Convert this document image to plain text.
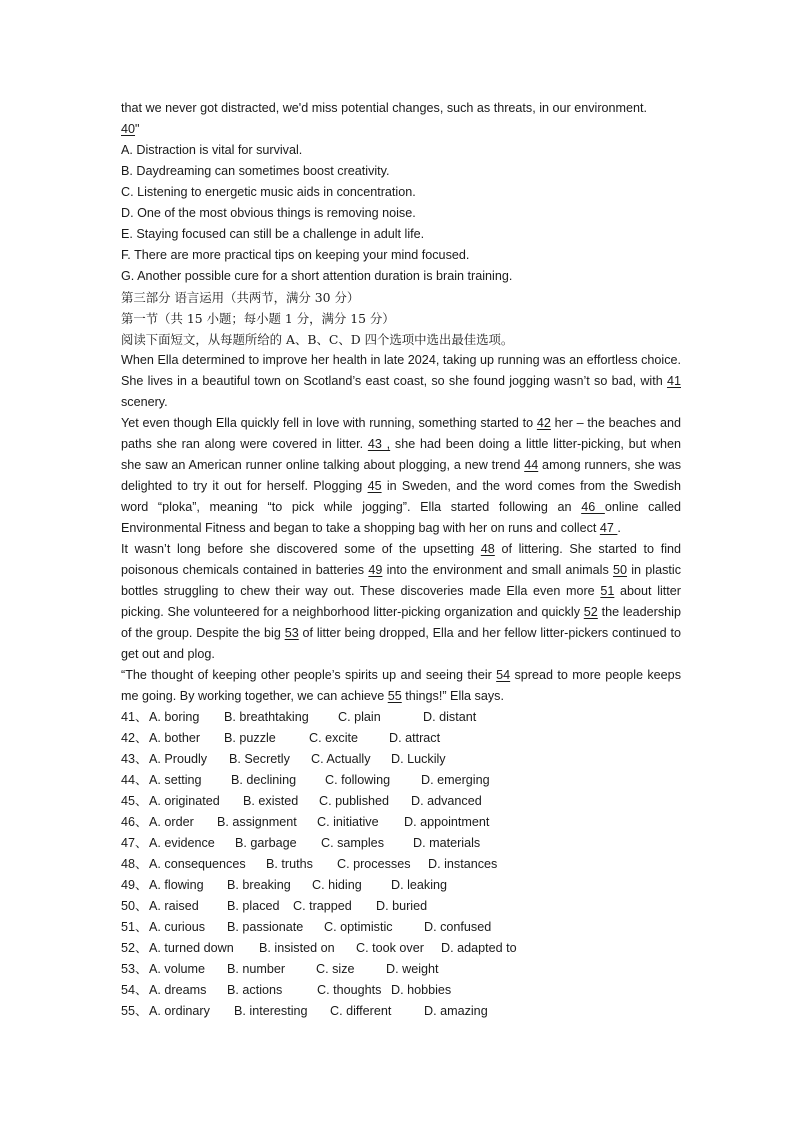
that we never got distracted, we'd miss potential changes, such as threats, in our environment.
40"
A. Distraction is vital for survival.
B. Daydreaming can sometimes boost creativity.
C. Listening to energetic music aids in concentration.
D. One of the most obvious things is removing noise.
E. Staying focused can still be a challenge in adult life.
F. There are more practical tips on keeping your mind focused.
G. Another possible cure for a short attention duration is brain training.
第三部分 语言运用（共两节，满分 30 分）
第一节（共 15 小题；每小题 1 分，满分 15 分）
阅读下面短文，从每题所给的 A、B、C、D 四个选项中选出最佳选项。

When Ella determined to improve her health in late 2024, taking up running was an effortless choice. She lives in a beautiful town on Scotland’s east coast, so she found jogging wasn’t so bad, with 41 scenery.

Yet even though Ella quickly fell in love with running, something started to 42 her – the beaches and paths she ran along were covered in litter. 43 , she had been doing a little litter-picking, but when she saw an American runner online talking about plogging, a new trend 44 among runners, she was delighted to try it out for herself. Plogging 45 in Sweden, and the word comes from the Swedish word “ploka”, meaning “to pick while jogging”. Ella started following an 46 online called Environmental Fitness and began to take a shopping bag with her on runs and collect 47 .

It wasn’t long before she discovered some of the upsetting 48 of littering. She started to find poisonous chemicals contained in batteries 49 into the environment and small animals 50 in plastic bottles struggling to chew their way out. These discoveries made Ella even more 51 about litter picking. She volunteered for a neighborhood litter-picking organization and quickly 52 the leadership of the group. Despite the big 53 of litter being dropped, Ella and her fellow litter-pickers continued to get out and plog.

“The thought of keeping other people’s spirits up and seeing their 54 spread to more people keeps me going. By working together, we can achieve 55 things!” Ella says.

41、 A. boring B. breathtaking C. plain	D. distant
42、 A. bother B. puzzle	C. excite D. attract
43、 A. Proudly B. Secretly C. Actually D. Luckily
44、 A. setting B. declining C. following D. emerging
45、 A. originated B. existed C. published D. advanced
46、 A. order B. assignment C. initiative D. appointment
47、 A. evidence B. garbage C. samples D. materials
48、 A. consequences B. truths C. processes D. instances
49、 A. flowing B. breaking C. hiding D. leaking
50、 A. raised B. placed C. trapped D. buried
51、 A. curious B. passionate C. optimistic D. confused
52、 A. turned down B. insisted on C. took over D. adapted to
53、 A. volume B. number C. size	D. weight
54、 A. dreams B. actions	C. thoughts D. hobbies
55、 A. ordinary B. interesting C. different	D. amazing
